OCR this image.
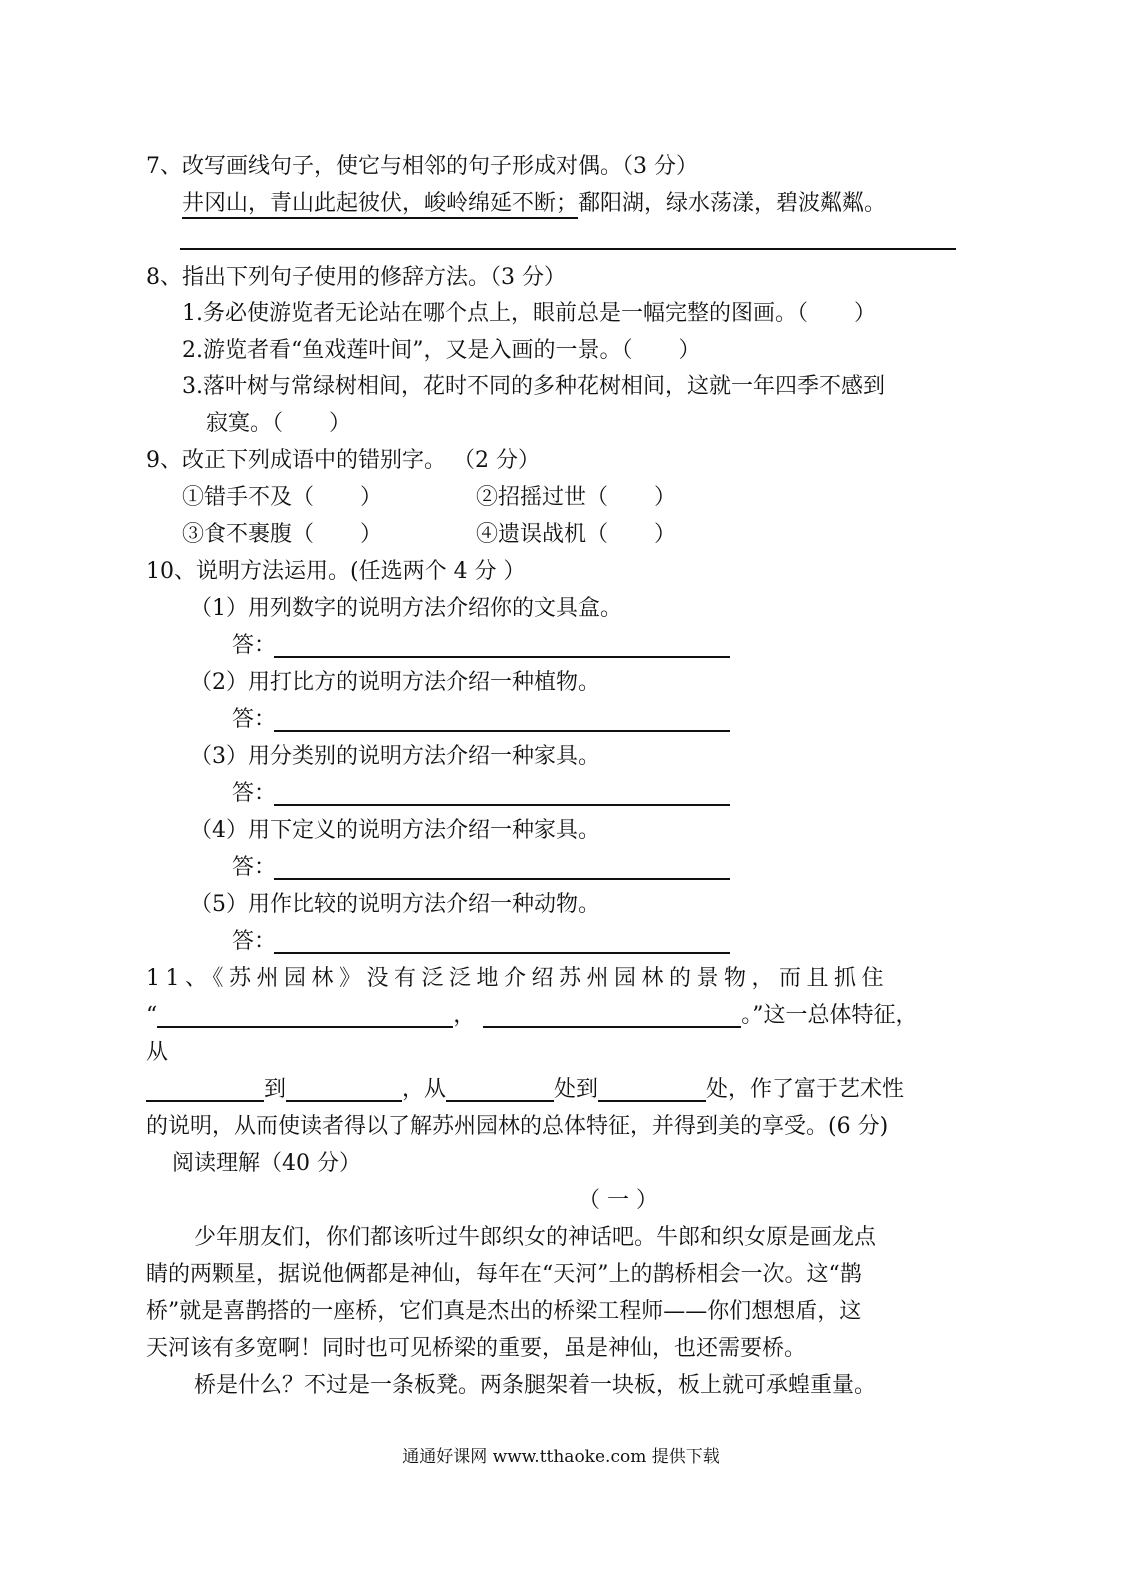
7、改写画线句子，使它与相邻的句子形成对偶。（3 分）
井冈山，青山此起彼伏，峻岭绵延不断；鄱阳湖，绿水荡漾，碧波粼粼。
8、指出下列句子使用的修辞方法。（3 分）
1.务必使游览者无论站在哪个点上，眼前总是一幅完整的图画。（ ）
2.游览者看“鱼戏莲叶间”，又是入画的一景。（ ）
3.落叶树与常绿树相间，花时不同的多种花树相间，这就一年四季不感到
寂寞。（ ）
9、改正下列成语中的错别字。 （2 分）
①错手不及（ ）	②招摇过世（ ）
③食不裹腹（ ）	④遗误战机（ ）
10、说明方法运用。(任选两个 4 分 ）
（1）用列数字的说明方法介绍你的文具盒。
答：
（2）用打比方的说明方法介绍一种植物。
答：
（3）用分类别的说明方法介绍一种家具。
答：
（4）用下定义的说明方法介绍一种家具。
答：
（5）用作比较的说明方法介绍一种动物。
答：
11、《苏州园林》没有泛泛地介绍苏州园林的景物，而且抓住
“	，	。”这一总体特征，
从
到	，从	处到	处，作了富于艺术性
的说明，从而使读者得以了解苏州园林的总体特征，并得到美的享受。(6 分)
阅读理解（40 分）
（ 一 ）
少年朋友们，你们都该听过牛郎织女的神话吧。牛郎和织女原是画龙点
睛的两颗星，据说他俩都是神仙，每年在“天河”上的鹊桥相会一次。这“鹊
桥”就是喜鹊搭的一座桥，它们真是杰出的桥梁工程师——你们想想盾，这
天河该有多宽啊！同时也可见桥梁的重要，虽是神仙，也还需要桥。
桥是什么？不过是一条板凳。两条腿架着一块板，板上就可承蝗重量。
通通好课网 www.tthaoke.com 提供下载
